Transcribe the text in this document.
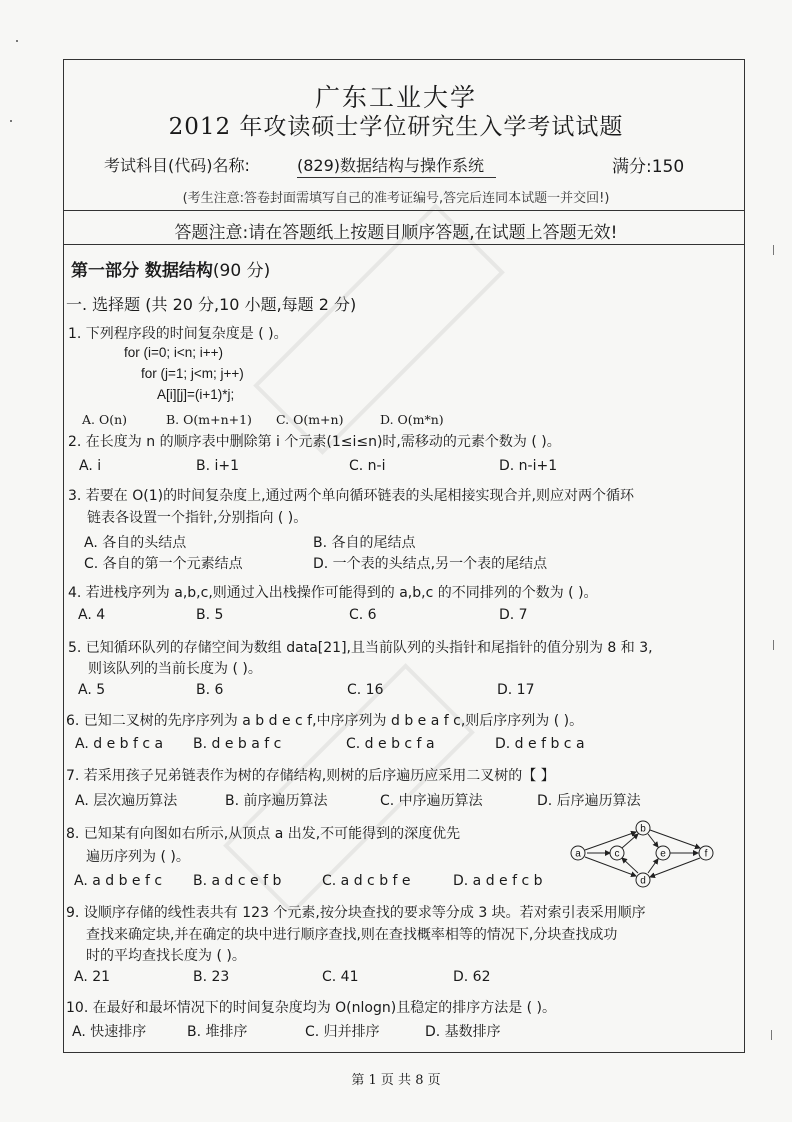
广东工业大学
2012 年攻读硕士学位研究生入学考试试题
考试科目(代码)名称:	(829)数据结构与操作系统	满分:150
(考生注意:答卷封面需填写自己的准考证编号,答完后连同本试题一并交回!)
答题注意:请在答题纸上按题目顺序答题,在试题上答题无效!
第一部分 数据结构(90 分)
一. 选择题 (共 20 分,10 小题,每题 2 分)
1. 下列程序段的时间复杂度是 ( )。
for (i=0; i<n; i++)
for (j=1; j<m; j++)
A[i][j]=(i+1)*j;
A. O(n)	B. O(m+n+1) C. O(m+n)	D. O(m*n)
2. 在长度为 n 的顺序表中删除第 i 个元素(1≤i≤n)时,需移动的元素个数为 ( )。
A. i	B. i+1	C. n-i	D. n-i+1
3. 若要在 O(1)的时间复杂度上,通过两个单向循环链表的头尾相接实现合并,则应对两个循环
链表各设置一个指针,分别指向 ( )。
A. 各自的头结点	B. 各自的尾结点
C. 各自的第一个元素结点	D. 一个表的头结点,另一个表的尾结点
4. 若进栈序列为 a,b,c,则通过入出栈操作可能得到的 a,b,c 的不同排列的个数为 ( )。
A. 4	B. 5	C. 6	D. 7
5. 已知循环队列的存储空间为数组 data[21],且当前队列的头指针和尾指针的值分别为 8 和 3,
则该队列的当前长度为 ( )。
A. 5	B. 6	C. 16	D. 17
6. 已知二叉树的先序序列为 a b d e c f,中序序列为 d b e a f c,则后序序列为 ( )。
A. d e b f c a B. d e b a f c	C. d e b c f a	D. d e f b c a
7. 若采用孩子兄弟链表作为树的存储结构,则树的后序遍历应采用二叉树的【 】
A. 层次遍历算法	B. 前序遍历算法	C. 中序遍历算法	D. 后序遍历算法
8. 已知某有向图如右所示,从顶点 a 出发,不可能得到的深度优先
遍历序列为 ( )。
A. a d b e f c B. a d c e f b	C. a d c b f e	D. a d e f c b
a
b
c
d
e	f
9. 设顺序存储的线性表共有 123 个元素,按分块查找的要求等分成 3 块。若对索引表采用顺序
查找来确定块,并在确定的块中进行顺序查找,则在查找概率相等的情况下,分块查找成功
时的平均查找长度为 ( )。
A. 21	B. 23	C. 41	D. 62
10. 在最好和最坏情况下的时间复杂度均为 O(nlogn)且稳定的排序方法是 ( )。
A. 快速排序	B. 堆排序	C. 归并排序	D. 基数排序
第 1 页 共 8 页
